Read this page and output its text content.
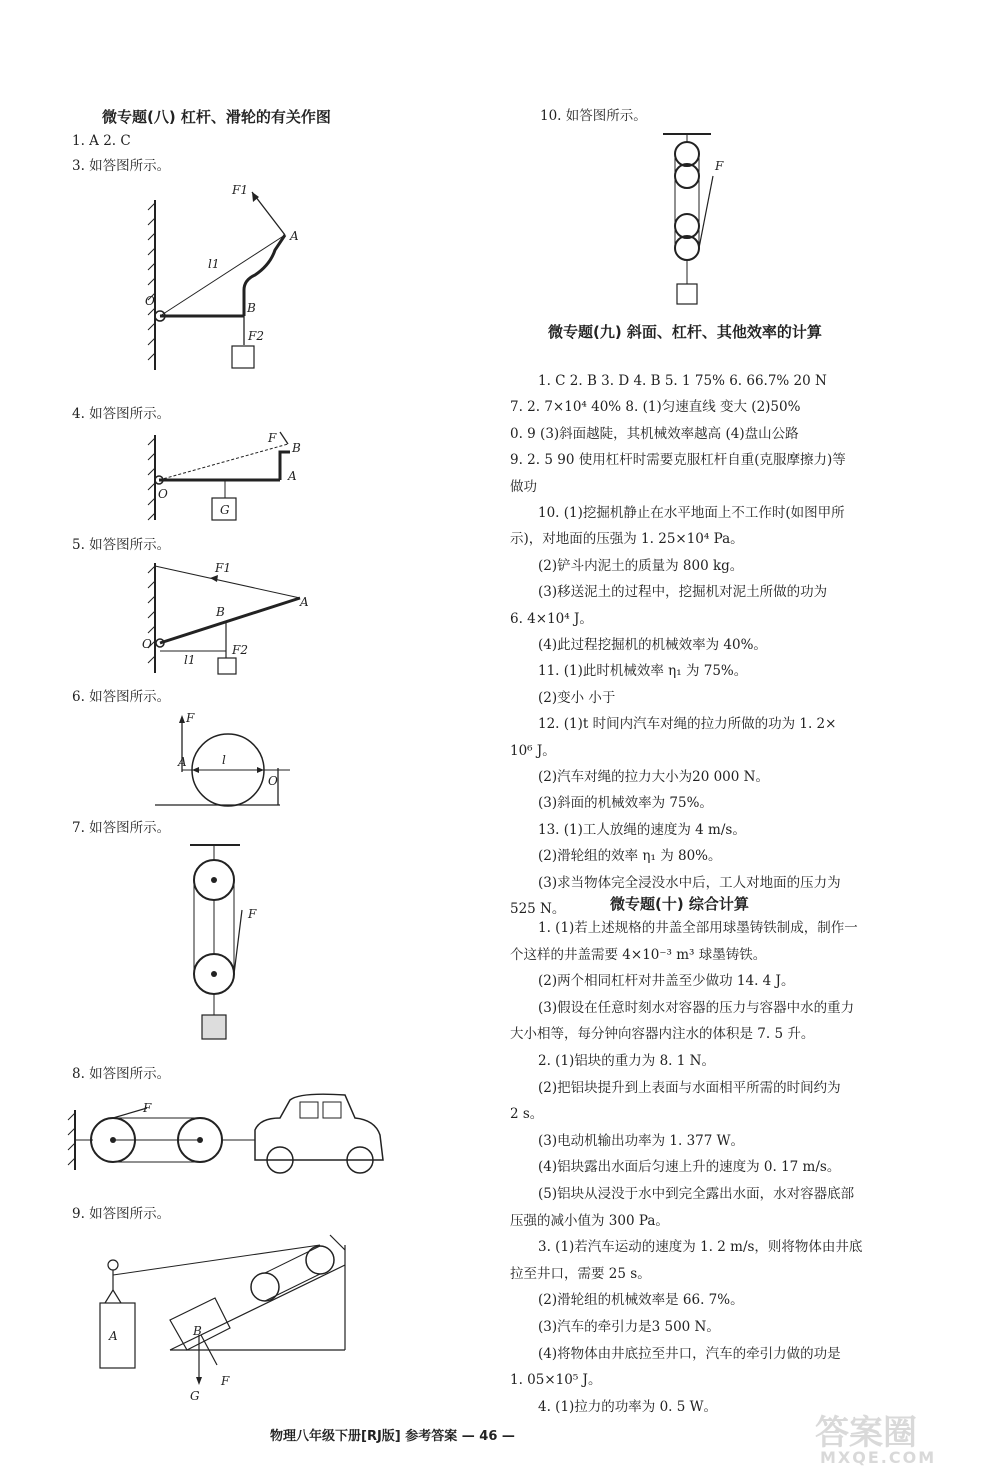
微专题(八) 杠杆、滑轮的有关作图
1. A 2. C
3. 如答图所示。
F1
A
l1
O	B
F2
4. 如答图所示。
F
B
O
A
G
5. 如答图所示。
F1
A
B
O
l1
F2
6. 如答图所示。
F
A	l
O
7. 如答图所示。
F
8. 如答图所示。
F
9. 如答图所示。
A	B
G
F
10. 如答图所示。
F
微专题(九) 斜面、杠杆、其他效率的计算
1. C 2. B 3. D 4. B 5. 1 75% 6. 66.7% 20 N
7. 2. 7×10⁴ 40% 8. (1)匀速直线 变大 (2)50%
0. 9 (3)斜面越陡，其机械效率越高 (4)盘山公路
9. 2. 5 90 使用杠杆时需要克服杠杆自重(克服摩擦力)等
做功
10. (1)挖掘机静止在水平地面上不工作时(如图甲所
示)，对地面的压强为 1. 25×10⁴ Pa。
(2)铲斗内泥土的质量为 800 kg。
(3)移送泥土的过程中，挖掘机对泥土所做的功为
6. 4×10⁴ J。
(4)此过程挖掘机的机械效率为 40%。
11. (1)此时机械效率 η₁ 为 75%。
(2)变小 小于
12. (1)t 时间内汽车对绳的拉力所做的功为 1. 2×
10⁶ J。
(2)汽车对绳的拉力大小为20 000 N。
(3)斜面的机械效率为 75%。
13. (1)工人放绳的速度为 4 m/s。
(2)滑轮组的效率 η₁ 为 80%。
(3)求当物体完全浸没水中后，工人对地面的压力为
525 N。	微专题(十) 综合计算
1. (1)若上述规格的井盖全部用球墨铸铁制成，制作一
个这样的井盖需要 4×10⁻³ m³ 球墨铸铁。
(2)两个相同杠杆对井盖至少做功 14. 4 J。
(3)假设在任意时刻水对容器的压力与容器中水的重力
大小相等，每分钟向容器内注水的体积是 7. 5 升。
2. (1)铝块的重力为 8. 1 N。
(2)把铝块提升到上表面与水面相平所需的时间约为
2 s。
(3)电动机输出功率为 1. 377 W。
(4)铝块露出水面后匀速上升的速度为 0. 17 m/s。
(5)铝块从浸没于水中到完全露出水面，水对容器底部
压强的减小值为 300 Pa。
3. (1)若汽车运动的速度为 1. 2 m/s，则将物体由井底
拉至井口，需要 25 s。
(2)滑轮组的机械效率是 66. 7%。
(3)汽车的牵引力是3 500 N。
(4)将物体由井底拉至井口，汽车的牵引力做的功是
1. 05×10⁵ J。
4. (1)拉力的功率为 0. 5 W。
物理八年级下册[RJ版] 参考答案 — 46 —	答案圈
MXQE.COM
